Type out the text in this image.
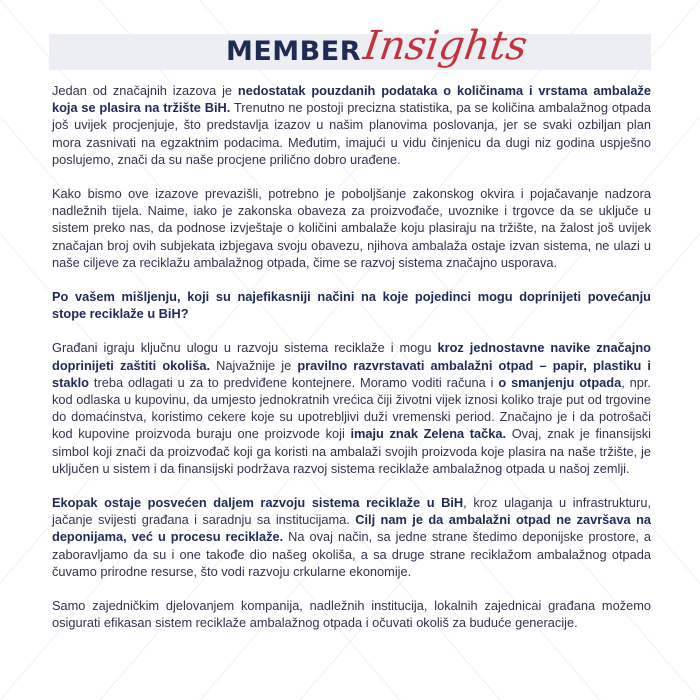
MEMBER Insights

Jedan od značajnih izazova je nedostatak pouzdanih podataka o količinama i vrstama ambalaže koja se plasira na tržište BiH. Trenutno ne postoji precizna statistika, pa se količina ambalažnog otpada još uvijek procjenjuje, što predstavlja izazov u našim planovima poslovanja, jer se svaki ozbiljan plan mora zasnivati na egzaktnim podacima. Međutim, imajući u vidu činjenicu da dugi niz godina uspješno poslujemo, znači da su naše procjene prilično dobro urađene.

Kako bismo ove izazove prevazišli, potrebno je poboljšanje zakonskog okvira i pojačavanje nadzora nadležnih tijela. Naime, iako je zakonska obaveza za proizvođače, uvoznike i trgovce da se uključe u sistem preko nas, da podnose izvještaje o količini ambalaže koju plasiraju na tržište, na žalost još uvijek značajan broj ovih subjekata izbjegava svoju obavezu, njihova ambalaža ostaje izvan sistema, ne ulazi u naše ciljeve za reciklažu ambalažnog otpada, čime se razvoj sistema značajno usporava.

Po vašem mišljenju, koji su najefikasniji načini na koje pojedinci mogu doprinijeti povećanju stope reciklaže u BiH?

Građani igraju ključnu ulogu u razvoju sistema reciklaže i mogu kroz jednostavne navike značajno doprinijeti zaštiti okoliša. Najvažnije je pravilno razvrstavati ambalažni otpad – papir, plastiku i staklo treba odlagati u za to predviđene kontejnere. Moramo voditi računa i o smanjenju otpada, npr. kod odlaska u kupovinu, da umjesto jednokratnih vrećica čiji životni vijek iznosi koliko traje put od trgovine do domaćinstva, koristimo cekere koje su upotrebljivi duži vremenski period. Značajno je i da potrošači kod kupovine proizvoda buraju one proizvode koji imaju znak Zelena tačka. Ovaj, znak je finansijski simbol koji znači da proizvođač koji ga koristi na ambalaži svojih proizvoda koje plasira na naše tržište, je uključen u sistem i da finansijski podržava razvoj sistema reciklaže ambalažnog otpada u našoj zemlji.

Ekopak ostaje posvećen daljem razvoju sistema reciklaže u BiH, kroz ulaganja u infrastrukturu, jačanje svijesti građana i saradnju sa institucijama. Cilj nam je da ambalažni otpad ne završava na deponijama, već u procesu reciklaže. Na ovaj način, sa jedne strane štedimo deponijske prostore, a zaboravljamo da su i one takođe dio našeg okoliša, a sa druge strane reciklažom ambalažnog otpada čuvamo prirodne resurse, što vodi razvoju crkularne ekonomije.

Samo zajedničkim djelovanjem kompanija, nadležnih institucija, lokalnih zajednicai građana možemo osigurati efikasan sistem reciklaže ambalažnog otpada i očuvati okoliš za buduće generacije.
